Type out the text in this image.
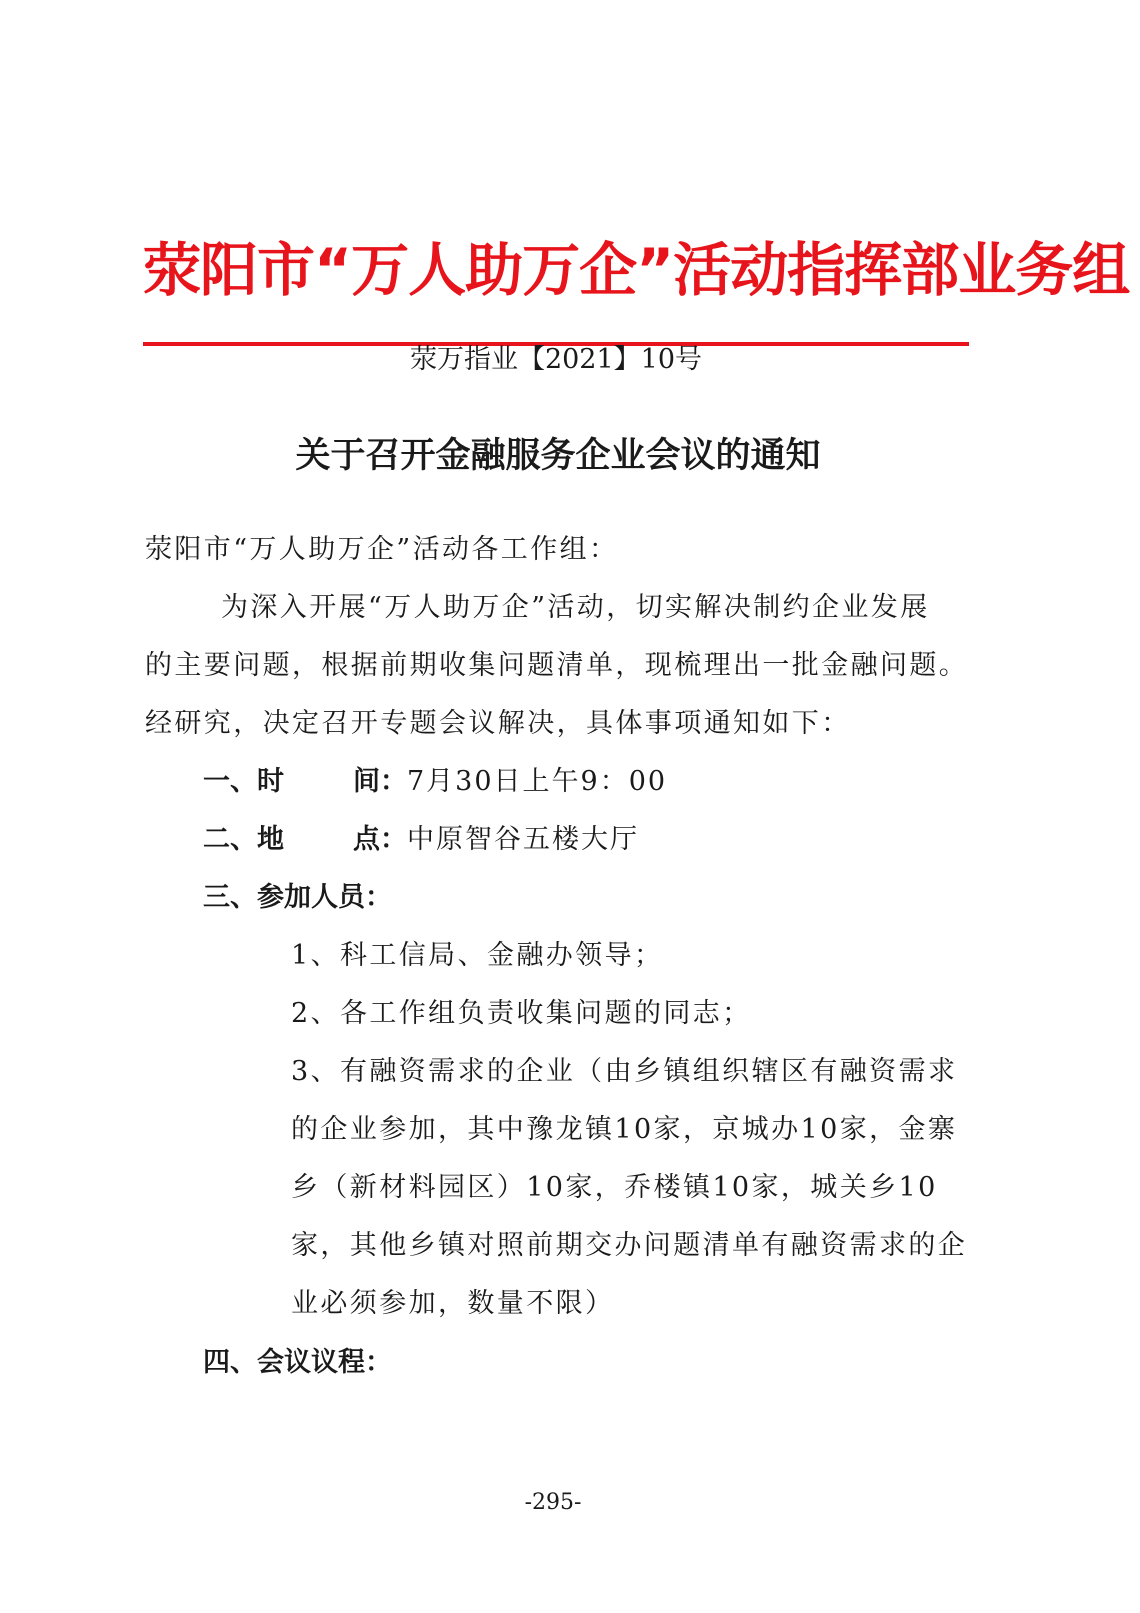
荥阳市“万人助万企”活动指挥部业务组
荥万指业【2021】10号
关于召开金融服务企业会议的通知
荥阳市“万人助万企”活动各工作组：
为深入开展“万人助万企”活动，切实解决制约企业发展
的主要问题，根据前期收集问题清单，现梳理出一批金融问题。
经研究，决定召开专题会议解决，具体事项通知如下：
一、时	间：7月30日上午9：00
二、地	点：中原智谷五楼大厅
三、参加人员：
1、科工信局、金融办领导；
2、各工作组负责收集问题的同志；
3、有融资需求的企业（由乡镇组织辖区有融资需求
的企业参加，其中豫龙镇10家，京城办10家，金寨
乡（新材料园区）10家，乔楼镇10家，城关乡10
家，其他乡镇对照前期交办问题清单有融资需求的企
业必须参加，数量不限）
四、会议议程：
-295-
